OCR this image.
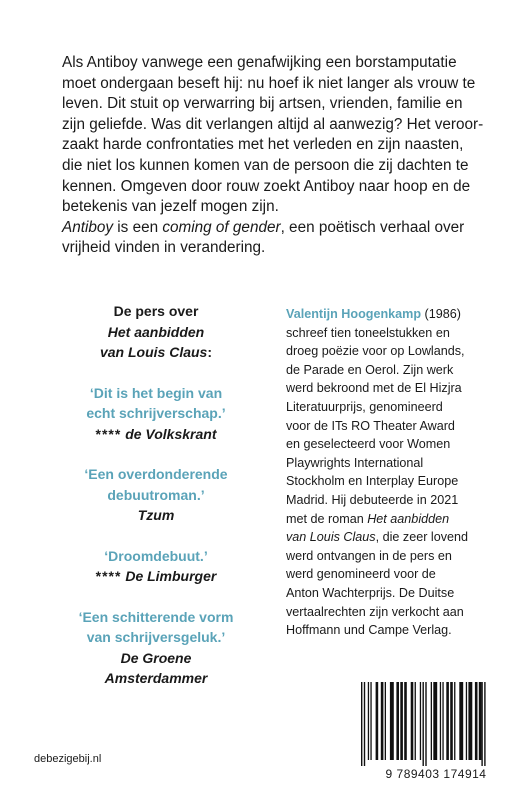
Als Antiboy vanwege een genafwijking een borstamputatie
moet ondergaan beseft hij: nu hoef ik niet langer als vrouw te
leven. Dit stuit op verwarring bij artsen, vrienden, familie en
zijn geliefde. Was dit verlangen altijd al aanwezig? Het veroor-
zaakt harde confrontaties met het verleden en zijn naasten,
die niet los kunnen komen van de persoon die zij dachten te
kennen. Omgeven door rouw zoekt Antiboy naar hoop en de
betekenis van jezelf mogen zijn.
Antiboy is een coming of gender, een poëtisch verhaal over
vrijheid vinden in verandering.

De pers over
Het aanbidden
van Louis Claus:
‘Dit is het begin van
echt schrijverschap.’
**** de Volkskrant
‘Een overdonderende
debuutroman.’
Tzum
‘Droomdebuut.’
**** De Limburger
‘Een schitterende vorm
van schrijversgeluk.’
De Groene
Amsterdammer
Valentijn Hoogenkamp (1986)
schreef tien toneelstukken en
droeg poëzie voor op Lowlands,
de Parade en Oerol. Zijn werk
werd bekroond met de El Hizjra
Literatuurprijs, genomineerd
voor de ITs RO Theater Award
en geselecteerd voor Women
Playwrights International
Stockholm en Interplay Europe
Madrid. Hij debuteerde in 2021
met de roman Het aanbidden
van Louis Claus, die zeer lovend
werd ontvangen in de pers en
werd genomineerd voor de
Anton Wachterprijs. De Duitse
vertaalrechten zijn verkocht aan
Hoffmann und Campe Verlag.
debezigebij.nl
9 789403 174914
